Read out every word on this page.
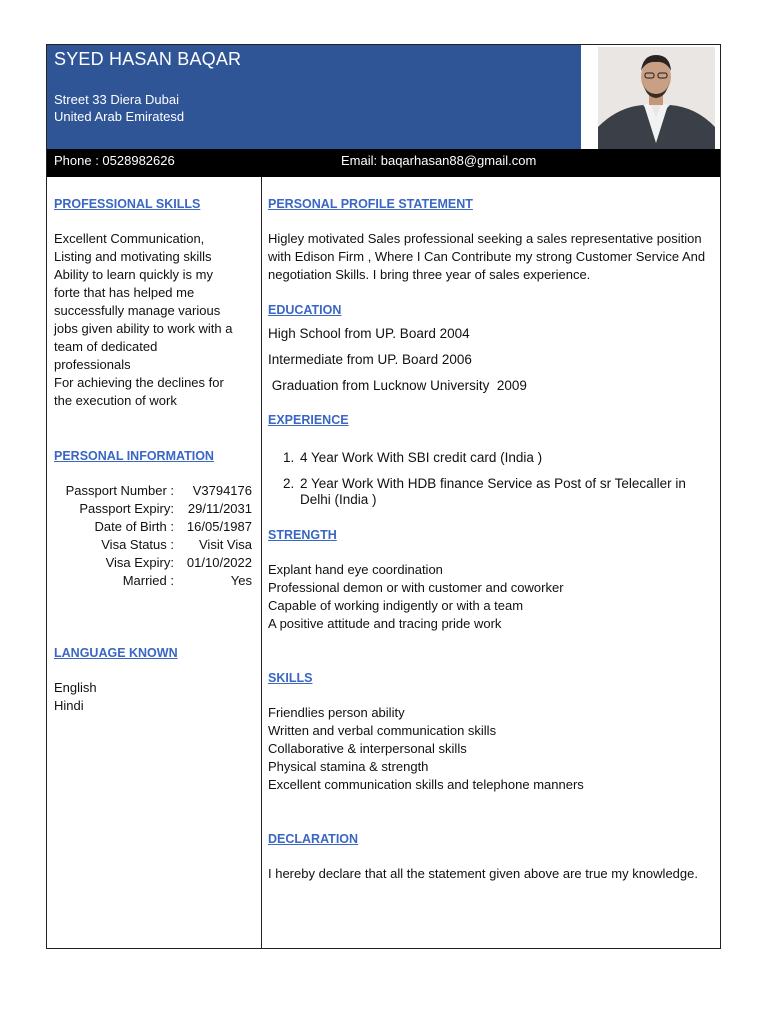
SYED HASAN BAQAR
Street 33 Diera Dubai
United Arab Emiratesd
Phone : 0528982626	Email: baqarhasan88@gmail.com

PROFESSIONAL SKILLS

Excellent Communication,
Listing and motivating skills
Ability to learn quickly is my
forte that has helped me
successfully manage various
jobs given ability to work with a
team of dedicated
professionals
For achieving the declines for
the execution of work

PERSONAL INFORMATION

Passport Number :	V3794176
Passport Expiry:	29/11/2031
Date of Birth : 16/05/1987
Visa Status :	Visit Visa
Visa Expiry: 01/10/2022
Married :	Yes

LANGUAGE KNOWN

English
Hindi

PERSONAL PROFILE STATEMENT

Higley motivated Sales professional seeking a sales representative position with Edison Firm , Where I Can Contribute my strong Customer Service And negotiation Skills. I bring three year of sales experience.

EDUCATION

High School from UP. Board 2004

Intermediate from UP. Board 2006

Graduation from Lucknow University  2009

EXPERIENCE

1. 4 Year Work With SBI credit card (India )
2. 2 Year Work With HDB finance Service as Post of sr Telecaller in Delhi (India )

STRENGTH

Explant hand eye coordination
Professional demon or with customer and coworker
Capable of working indigently or with a team
A positive attitude and tracing pride work

SKILLS

Friendlies person ability
Written and verbal communication skills
Collaborative & interpersonal skills
Physical stamina & strength
Excellent communication skills and telephone manners

DECLARATION

I hereby declare that all the statement given above are true my knowledge.
